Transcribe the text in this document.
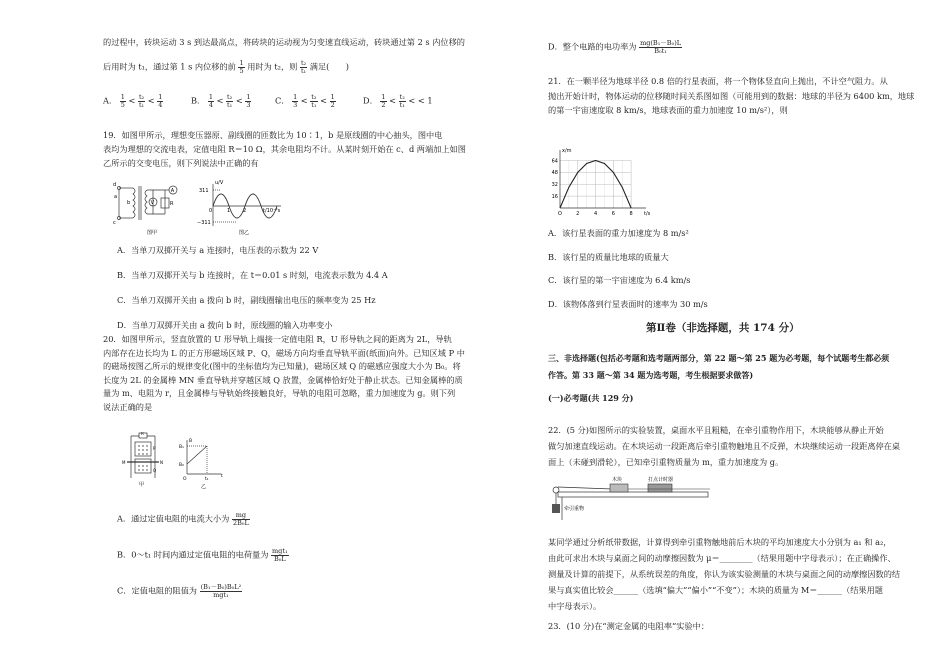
的过程中，砖块运动 3 s 到达最高点，将砖块的运动视为匀变速直线运动，砖块通过第 2 s 内位移的
后用时为 t₁，通过第 1 s 内位移的前 $\frac{1}{5}$ 用时为 t₂，则 $\frac{\text{t₂}}{\text{t₁}}$ 满足(　　)
A． $\frac{1}{5} < \frac{\text{t₂}}{\text{t₁}} < \frac{1}{4}$	B． $\frac{1}{4} < \frac{\text{t₂}}{\text{t₁}} < \frac{1}{3}$	C． $\frac{1}{3} < \frac{\text{t₂}}{\text{t₁}} < \frac{1}{2}$	D． $\frac{1}{2} < \frac{\text{t₂}}{\text{t₁}}$ < < 1
19．如图甲所示，理想变压器原、副线圈的匝数比为 10∶1，b 是原线圈的中心抽头，图中电
表均为理想的交流电表，定值电阻 R＝10 Ω，其余电阻均不计。从某时刻开始在 c、d 两端加上如图
乙所示的交变电压，则下列说法中正确的有
a
b
c
d
V
A
R
图甲
u/V
311
−311
0	1	2	t/10⁻²s
图乙
A．当单刀双掷开关与 a 连接时，电压表的示数为 22 V
B．当单刀双掷开关与 b 连接时，在 t＝0.01 s 时刻，电流表示数为 4.4 A
C．当单刀双掷开关由 a 拨向 b 时，副线圈输出电压的频率变为 25 Hz
D．当单刀双掷开关由 a 拨向 b 时，原线圈的输入功率变小
20．如图甲所示，竖直放置的 U 形导轨上端接一定值电阻 R，U 形导轨之间的距离为 2L，导轨
内部存在边长均为 L 的正方形磁场区域 P、Q，磁场方向均垂直导轨平面(纸面)向外。已知区域 P 中
的磁场按图乙所示的规律变化(图中的坐标值均为已知量)，磁场区域 Q 的磁感应强度大小为 B₀。将
长度为 2L 的金属棒 MN 垂直导轨并穿越区域 Q 放置，金属棒恰好处于静止状态。已知金属棒的质
量为 m、电阻为 r，且金属棒与导轨始终接触良好，导轨的电阻可忽略，重力加速度为 g。则下列
说法正确的是
R
P
Q
M	N
甲
B
B₁
B₀
O	t₁
t
乙
A．通过定值电阻的电流大小为 $\frac{mg}{\text{2B₀L}}$
B．0～t₁ 时间内通过定值电阻的电荷量为 $\frac{\text{mgt₁}}{\text{B₀L}}$
C．定值电阻的阻值为 $\frac{\text{(B₁－B₀)B₀L²}}{\text{mgt₁}}$
D．整个电路的电功率为 $\frac{\text{mg(B₁－B₀)L}}{\text{B₀t₁}}$
21．在一颗半径为地球半径 0.8 倍的行星表面，将一个物体竖直向上抛出，不计空气阻力。从
抛出开始计时，物体运动的位移随时间关系图如图（可能用到的数据：地球的半径为 6400 km，地球
的第一宇宙速度取 8 km/s，地球表面的重力加速度 10 m/s²），则
16
32
48
64
O	2	4	6	8
x/m
t/s
A．该行星表面的重力加速度为 8 m/s²
B．该行星的质量比地球的质量大
C．该行星的第一宇宙速度为 6.4 km/s
D．该物体落到行星表面时的速率为 30 m/s
第Ⅱ卷（非选择题，共 174 分）
三、非选择题(包括必考题和选考题两部分，第 22 题～第 25 题为必考题，每个试题考生都必须
作答。第 33 题～第 34 题为选考题，考生根据要求做答)
(一)必考题(共 129 分)
22．(5 分)如图所示的实验装置，桌面水平且粗糙，在牵引重物作用下，木块能够从静止开始
做匀加速直线运动。在木块运动一段距离后牵引重物触地且不反弹，木块继续运动一段距离停在桌
面上（未碰到滑轮），已知牵引重物质量为 m，重力加速度为 g。
木块	打点计时器
牵引重物
某同学通过分析纸带数据，计算得到牵引重物触地前后木块的平均加速度大小分别为 a₁ 和 a₂，
由此可求出木块与桌面之间的动摩擦因数为 μ＝________（结果用题中字母表示）；在正确操作、
测量及计算的前提下，从系统误差的角度，你认为该实验测量的木块与桌面之间的动摩擦因数的结
果与真实值比较会______（选填“偏大”“偏小”“不变”）；木块的质量为 M＝______（结果用题
中字母表示）。
23．(10 分)在“测定金属的电阻率”实验中：
